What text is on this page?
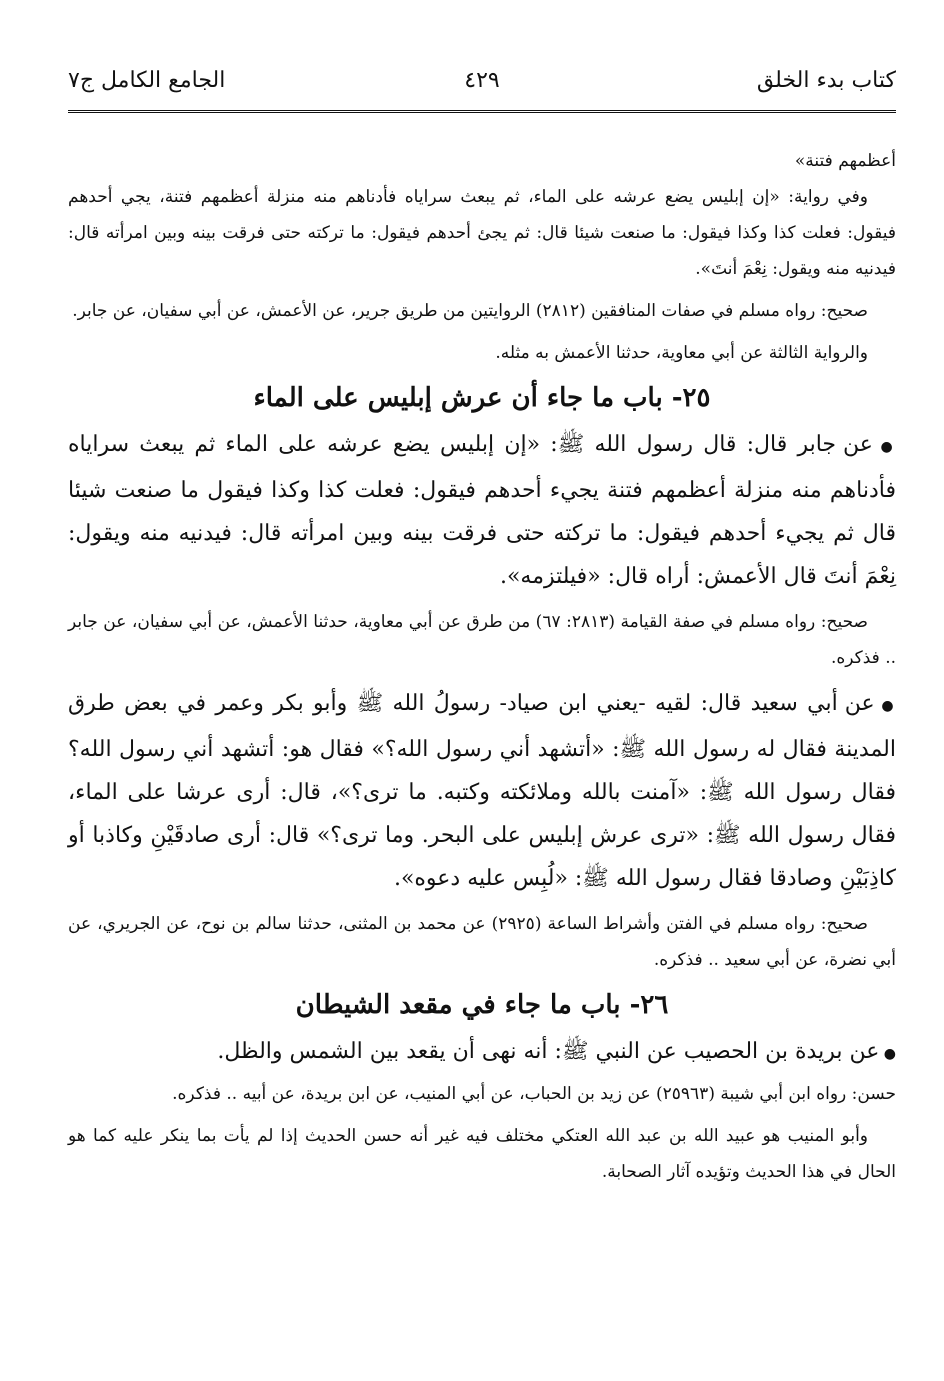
كتاب بدء الخلق
٤٢٩
الجامع الكامل ج٧

أعظمهم فتنة»

وفي رواية: «إن إبليس يضع عرشه على الماء، ثم يبعث سراياه فأدناهم منه منزلة أعظمهم فتنة، يجي أحدهم فيقول: فعلت كذا وكذا فيقول: ما صنعت شيئا قال: ثم يجئ أحدهم فيقول: ما تركته حتى فرقت بينه وبين امرأته قال: فيدنيه منه ويقول: نِعْمَ أنتَ».

صحيح: رواه مسلم في صفات المنافقين (٢٨١٢) الروايتين من طريق جرير، عن الأعمش، عن أبي سفيان، عن جابر.

والرواية الثالثة عن أبي معاوية، حدثنا الأعمش به مثله.

٢٥- باب ما جاء أن عرش إبليس على الماء

● عن جابر قال: قال رسول الله ﷺ: «إن إبليس يضع عرشه على الماء ثم يبعث سراياه فأدناهم منه منزلة أعظمهم فتنة يجيء أحدهم فيقول: فعلت كذا وكذا فيقول ما صنعت شيئا قال ثم يجيء أحدهم فيقول: ما تركته حتى فرقت بينه وبين امرأته قال: فيدنيه منه ويقول: نِعْمَ أنتَ قال الأعمش: أراه قال: «فيلتزمه».

صحيح: رواه مسلم في صفة القيامة (٢٨١٣: ٦٧) من طرق عن أبي معاوية، حدثنا الأعمش، عن أبي سفيان، عن جابر .. فذكره.

● عن أبي سعيد قال: لقيه -يعني ابن صياد- رسولُ الله ﷺ وأبو بكر وعمر في بعض طرق المدينة فقال له رسول الله ﷺ: «أتشهد أني رسول الله؟» فقال هو: أتشهد أني رسول الله؟ فقال رسول الله ﷺ: «آمنت بالله وملائكته وكتبه. ما ترى؟»، قال: أرى عرشا على الماء، فقال رسول الله ﷺ: «ترى عرش إبليس على البحر. وما ترى؟» قال: أرى صادقَيْنِ وكاذبا أو كاذِبَيْنِ وصادقا فقال رسول الله ﷺ: «لُبِس عليه دعوه».

صحيح: رواه مسلم في الفتن وأشراط الساعة (٢٩٢٥) عن محمد بن المثنى، حدثنا سالم بن نوح، عن الجريري، عن أبي نضرة، عن أبي سعيد .. فذكره.

٢٦- باب ما جاء في مقعد الشيطان

● عن بريدة بن الحصيب عن النبي ﷺ: أنه نهى أن يقعد بين الشمس والظل.

حسن: رواه ابن أبي شيبة (٢٥٩٦٣) عن زيد بن الحباب، عن أبي المنيب، عن ابن بريدة، عن أبيه .. فذكره.

وأبو المنيب هو عبيد الله بن عبد الله العتكي مختلف فيه غير أنه حسن الحديث إذا لم يأت بما ينكر عليه كما هو الحال في هذا الحديث وتؤيده آثار الصحابة.
